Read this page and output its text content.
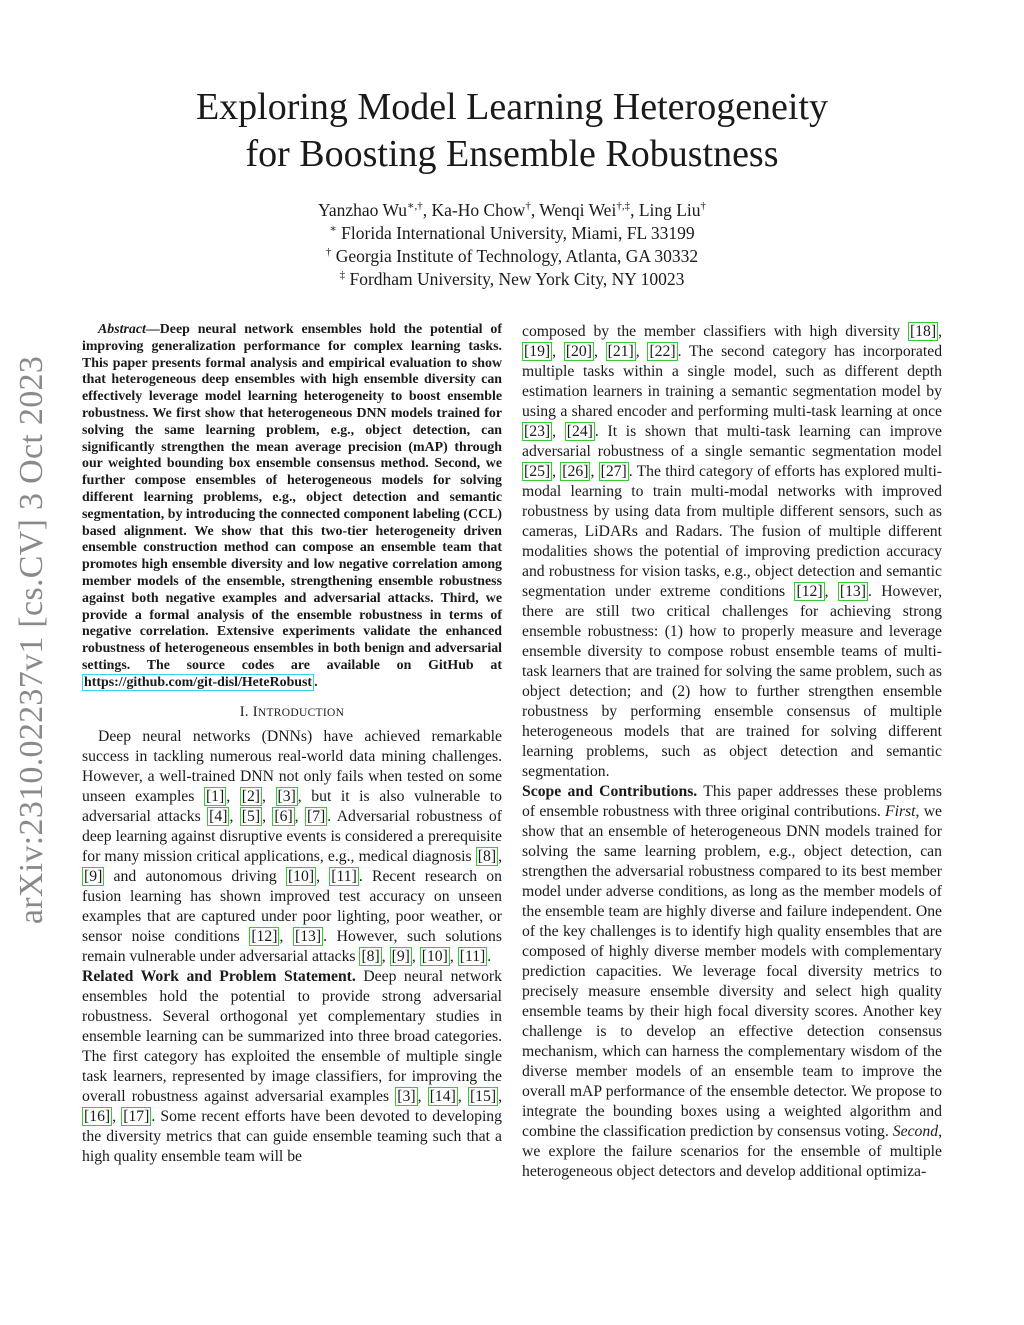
arXiv:2310.02237v1 [cs.CV] 3 Oct 2023
Exploring Model Learning Heterogeneity
for Boosting Ensemble Robustness
Yanzhao Wu∗,†, Ka-Ho Chow†, Wenqi Wei†,‡, Ling Liu†
∗ Florida International University, Miami, FL 33199
† Georgia Institute of Technology, Atlanta, GA 30332
‡ Fordham University, New York City, NY 10023

Abstract—Deep neural network ensembles hold the potential of improving generalization performance for complex learning tasks. This paper presents formal analysis and empirical evaluation to show that heterogeneous deep ensembles with high ensemble diversity can effectively leverage model learning heterogeneity to boost ensemble robustness. We first show that heterogeneous DNN models trained for solving the same learning problem, e.g., object detection, can significantly strengthen the mean average precision (mAP) through our weighted bounding box ensemble consensus method. Second, we further compose ensembles of heterogeneous models for solving different learning problems, e.g., object detection and semantic segmentation, by introducing the connected component labeling (CCL) based alignment. We show that this two-tier heterogeneity driven ensemble construction method can compose an ensemble team that promotes high ensemble diversity and low negative correlation among member models of the ensemble, strengthening ensemble robustness against both negative examples and adversarial attacks. Third, we provide a formal analysis of the ensemble robustness in terms of negative correlation. Extensive experiments validate the enhanced robustness of heterogeneous ensembles in both benign and adversarial settings. The source codes are available on GitHub at https://github.com/git-disl/HeteRobust .

I. INTRODUCTION

Deep neural networks (DNNs) have achieved remarkable success in tackling numerous real-world data mining challenges. However, a well-trained DNN not only fails when tested on some unseen examples [1] , [2] , [3] , but it is also vulnerable to adversarial attacks [4] , [5] , [6] , [7] . Adversarial robustness of deep learning against disruptive events is considered a prerequisite for many mission critical applications, e.g., medical diagnosis [8] , [9] and autonomous driving [10] , [11] . Recent research on fusion learning has shown improved test accuracy on unseen examples that are captured under poor lighting, poor weather, or sensor noise conditions [12] , [13] . However, such solutions remain vulnerable under adversarial attacks [8] , [9] , [10] , [11] .

Related Work and Problem Statement. Deep neural network ensembles hold the potential to provide strong adversarial robustness. Several orthogonal yet complementary studies in ensemble learning can be summarized into three broad categories. The first category has exploited the ensemble of multiple single task learners, represented by image classifiers, for improving the overall robustness against adversarial examples [3] , [14] , [15] , [16] , [17] . Some recent efforts have been devoted to developing the diversity metrics that can guide ensemble teaming such that a high quality ensemble team will be

composed by the member classifiers with high diversity [18] , [19] , [20] , [21] , [22] . The second category has incorporated multiple tasks within a single model, such as different depth estimation learners in training a semantic segmentation model by using a shared encoder and performing multi-task learning at once [23] , [24] . It is shown that multi-task learning can improve adversarial robustness of a single semantic segmentation model [25] , [26] , [27] . The third category of efforts has explored multi-modal learning to train multi-modal networks with improved robustness by using data from multiple different sensors, such as cameras, LiDARs and Radars. The fusion of multiple different modalities shows the potential of improving prediction accuracy and robustness for vision tasks, e.g., object detection and semantic segmentation under extreme conditions [12] , [13] . However, there are still two critical challenges for achieving strong ensemble robustness: (1) how to properly measure and leverage ensemble diversity to compose robust ensemble teams of multi-task learners that are trained for solving the same problem, such as object detection; and (2) how to further strengthen ensemble robustness by performing ensemble consensus of multiple heterogeneous models that are trained for solving different learning problems, such as object detection and semantic segmentation.

Scope and Contributions. This paper addresses these problems of ensemble robustness with three original contributions. First, we show that an ensemble of heterogeneous DNN models trained for solving the same learning problem, e.g., object detection, can strengthen the adversarial robustness compared to its best member model under adverse conditions, as long as the member models of the ensemble team are highly diverse and failure independent. One of the key challenges is to identify high quality ensembles that are composed of highly diverse member models with complementary prediction capacities. We leverage focal diversity metrics to precisely measure ensemble diversity and select high quality ensemble teams by their high focal diversity scores. Another key challenge is to develop an effective detection consensus mechanism, which can harness the complementary wisdom of the diverse member models of an ensemble team to improve the overall mAP performance of the ensemble detector. We propose to integrate the bounding boxes using a weighted algorithm and combine the classification prediction by consensus voting. Second, we explore the failure scenarios for the ensemble of multiple heterogeneous object detectors and develop additional optimiza-
